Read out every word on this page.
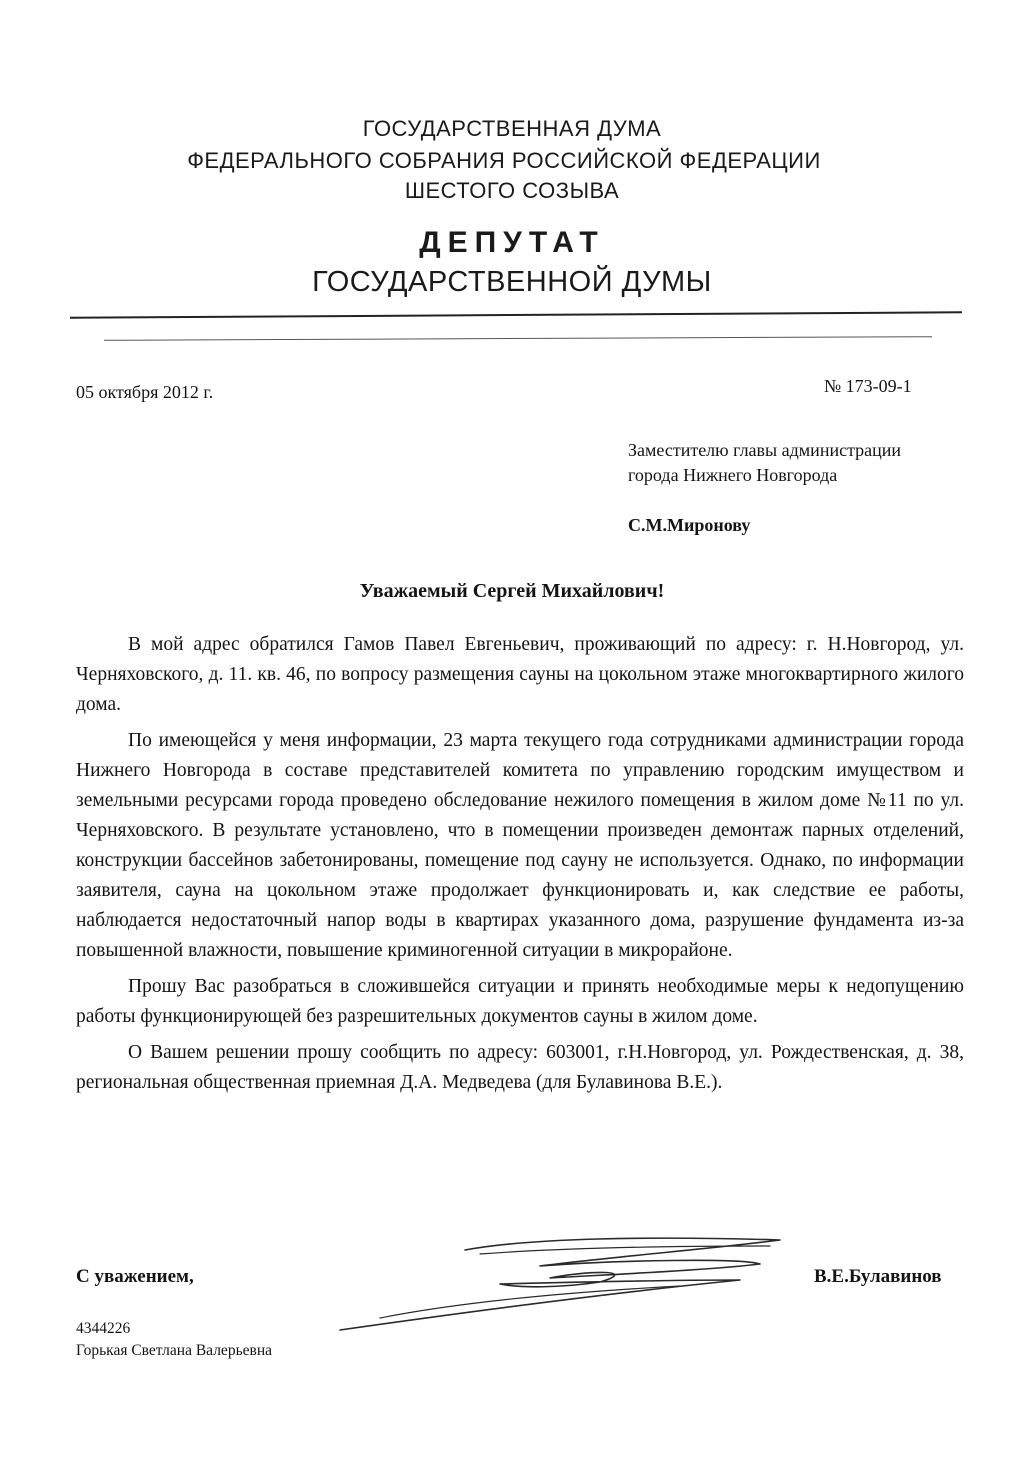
ГОСУДАРСТВЕННАЯ ДУМА
ФЕДЕРАЛЬНОГО СОБРАНИЯ РОССИЙСКОЙ ФЕДЕРАЦИИ
ШЕСТОГО СОЗЫВА
ДЕПУТАТ
ГОСУДАРСТВЕННОЙ ДУМЫ
05 октября 2012 г.	№ 173-09-1
Заместителю главы администрации
города Нижнего Новгорода
С.М.Миронову
Уважаемый Сергей Михайлович!

В мой адрес обратился Гамов Павел Евгеньевич, проживающий по адресу: г. Н.Новгород, ул. Черняховского, д. 11. кв. 46, по вопросу размещения сауны на цокольном этаже многоквартирного жилого дома.

По имеющейся у меня информации, 23 марта текущего года сотрудниками администрации города Нижнего Новгорода в составе представителей комитета по управлению городским имуществом и земельными ресурсами города проведено обследование нежилого помещения в жилом доме №11 по ул. Черняховского. В результате установлено, что в помещении произведен демонтаж парных отделений, конструкции бассейнов забетонированы, помещение под сауну не используется. Однако, по информации заявителя, сауна на цокольном этаже продолжает функционировать и, как следствие ее работы, наблюдается недостаточный напор воды в квартирах указанного дома, разрушение фундамента из-за повышенной влажности, повышение криминогенной ситуации в микрорайоне.

Прошу Вас разобраться в сложившейся ситуации и принять необходимые меры к недопущению работы функционирующей без разрешительных документов сауны в жилом доме.

О Вашем решении прошу сообщить по адресу: 603001, г.Н.Новгород, ул. Рождественская, д. 38, региональная общественная приемная Д.А. Медведева (для Булавинова В.Е.).

С уважением,	В.Е.Булавинов
4344226
Горькая Светлана Валерьевна
